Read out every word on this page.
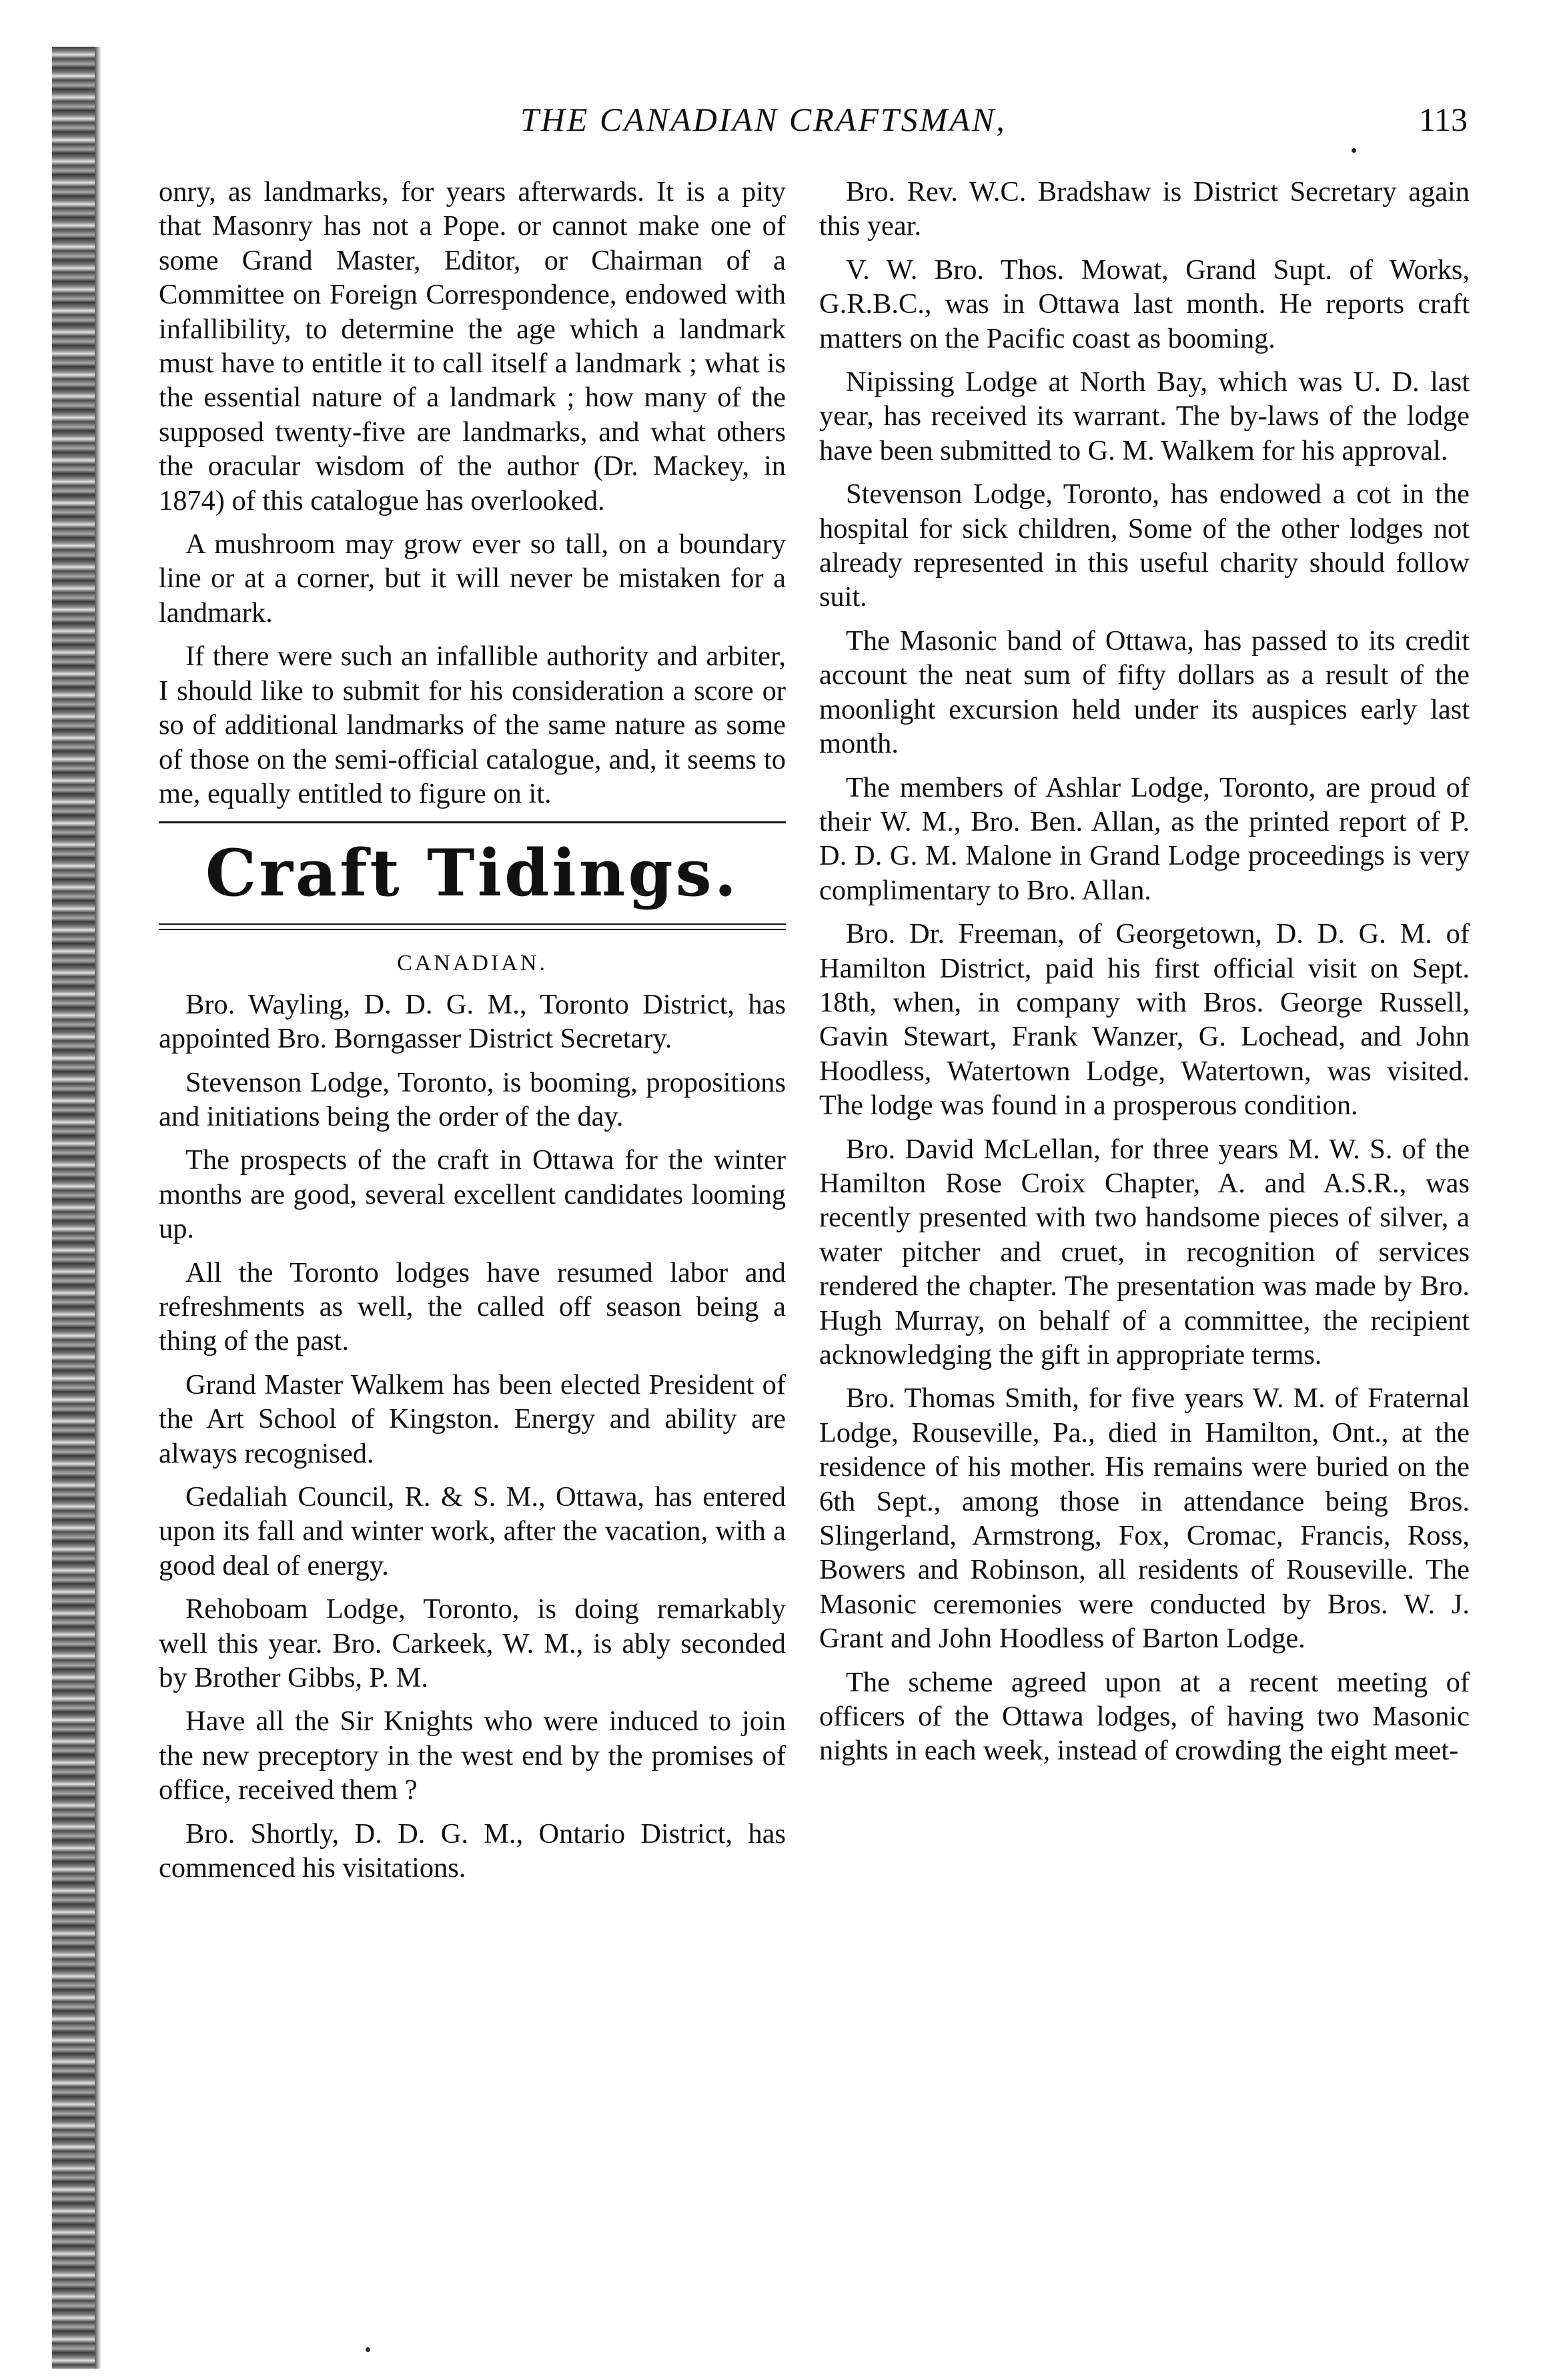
THE CANADIAN CRAFTSMAN,	113

onry, as landmarks, for years afterwards. It is a pity that Masonry has not a Pope. or cannot make one of some Grand Master, Editor, or Chairman of a Committee on Foreign Correspondence, endowed with infallibility, to determine the age which a landmark must have to entitle it to call itself a landmark ; what is the essential nature of a landmark ; how many of the supposed twenty-five are landmarks, and what others the oracular wisdom of the author (Dr. Mackey, in 1874) of this catalogue has overlooked.

A mushroom may grow ever so tall, on a boundary line or at a corner, but it will never be mistaken for a landmark.

If there were such an infallible authority and arbiter, I should like to submit for his consideration a score or so of additional landmarks of the same nature as some of those on the semi-official catalogue, and, it seems to me, equally entitled to figure on it.

Craft Tidings.
CANADIAN.

Bro. Wayling, D. D. G. M., Toronto District, has appointed Bro. Borngasser District Secretary.

Stevenson Lodge, Toronto, is booming, propositions and initiations being the order of the day.

The prospects of the craft in Ottawa for the winter months are good, several excellent candidates looming up.

All the Toronto lodges have resumed labor and refreshments as well, the called off season being a thing of the past.

Grand Master Walkem has been elected President of the Art School of Kingston. Energy and ability are always recognised.

Gedaliah Council, R. & S. M., Ottawa, has entered upon its fall and winter work, after the vacation, with a good deal of energy.

Rehoboam Lodge, Toronto, is doing remarkably well this year. Bro. Carkeek, W. M., is ably seconded by Brother Gibbs, P. M.

Have all the Sir Knights who were induced to join the new preceptory in the west end by the promises of office, received them ?

Bro. Shortly, D. D. G. M., Ontario District, has commenced his visitations.

Bro. Rev. W.C. Bradshaw is District Secretary again this year.

V. W. Bro. Thos. Mowat, Grand Supt. of Works, G.R.B.C., was in Ottawa last month. He reports craft matters on the Pacific coast as booming.

Nipissing Lodge at North Bay, which was U. D. last year, has received its warrant. The by-laws of the lodge have been submitted to G. M. Walkem for his approval.

Stevenson Lodge, Toronto, has endowed a cot in the hospital for sick children, Some of the other lodges not already represented in this useful charity should follow suit.

The Masonic band of Ottawa, has passed to its credit account the neat sum of fifty dollars as a result of the moonlight excursion held under its auspices early last month.

The members of Ashlar Lodge, Toronto, are proud of their W. M., Bro. Ben. Allan, as the printed report of P. D. D. G. M. Malone in Grand Lodge proceedings is very complimentary to Bro. Allan.

Bro. Dr. Freeman, of Georgetown, D. D. G. M. of Hamilton District, paid his first official visit on Sept. 18th, when, in company with Bros. George Russell, Gavin Stewart, Frank Wanzer, G. Lochead, and John Hoodless, Watertown Lodge, Watertown, was visited. The lodge was found in a prosperous condition.

Bro. David McLellan, for three years M. W. S. of the Hamilton Rose Croix Chapter, A. and A.S.R., was recently presented with two handsome pieces of silver, a water pitcher and cruet, in recognition of services rendered the chapter. The presentation was made by Bro. Hugh Murray, on behalf of a committee, the recipient acknowledging the gift in appropriate terms.

Bro. Thomas Smith, for five years W. M. of Fraternal Lodge, Rouseville, Pa., died in Hamilton, Ont., at the residence of his mother. His remains were buried on the 6th Sept., among those in attendance being Bros. Slingerland, Armstrong, Fox, Cromac, Francis, Ross, Bowers and Robinson, all residents of Rouseville. The Masonic ceremonies were conducted by Bros. W. J. Grant and John Hoodless of Barton Lodge.

The scheme agreed upon at a recent meeting of officers of the Ottawa lodges, of having two Masonic nights in each week, instead of crowding the eight meet-
